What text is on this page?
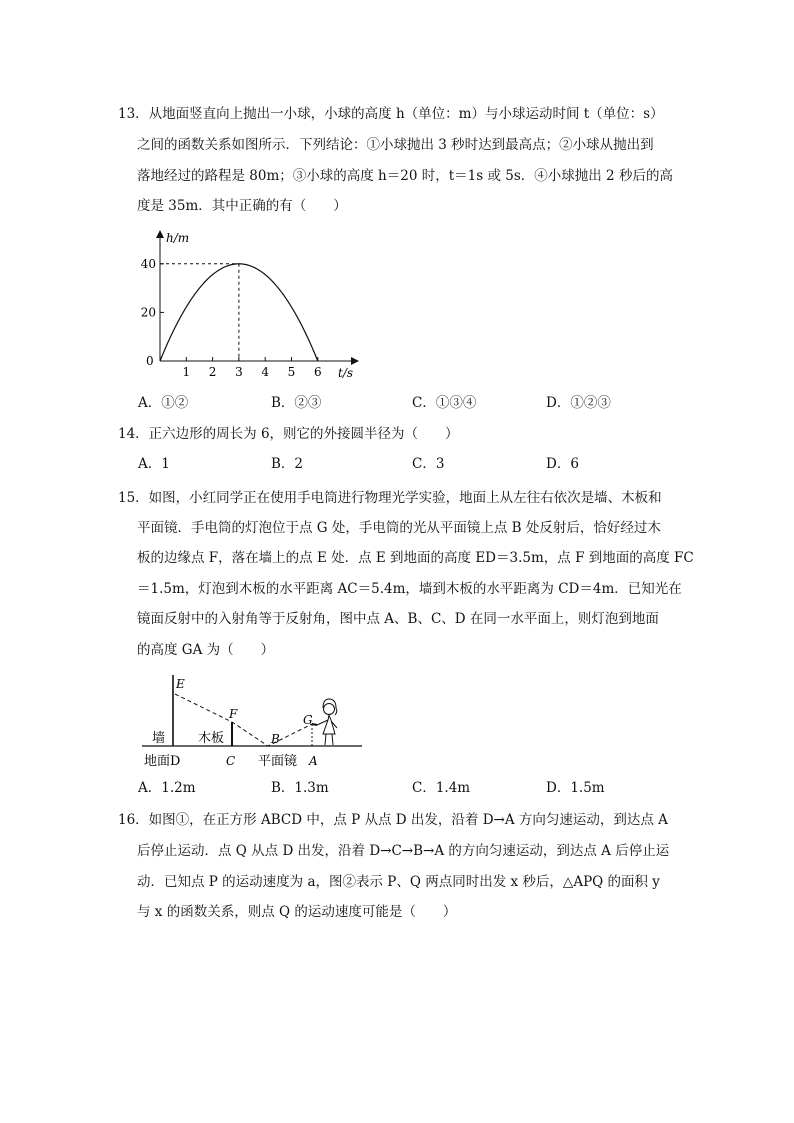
13．从地面竖直向上抛出一小球，小球的高度 h（单位：m）与小球运动时间 t（单位：s）
之间的函数关系如图所示．下列结论：①小球抛出 3 秒时达到最高点；②小球从抛出到
落地经过的路程是 80m；③小球的高度 h＝20 时，t＝1s 或 5s．④小球抛出 2 秒后的高
度是 35m．其中正确的有（　　）
1 2 3 4 5 6
20
40
h/m
t/s
0
A．①②	B．②③	C．①③④	D．①②③
14．正六边形的周长为 6，则它的外接圆半径为（　　）
A．1	B．2	C．3	D．6
15．如图，小红同学正在使用手电筒进行物理光学实验，地面上从左往右依次是墙、木板和
平面镜．手电筒的灯泡位于点 G 处，手电筒的光从平面镜上点 B 处反射后，恰好经过木
板的边缘点 F，落在墙上的点 E 处．点 E 到地面的高度 ED＝3.5m，点 F 到地面的高度 FC
＝1.5m，灯泡到木板的水平距离 AC＝5.4m，墙到木板的水平距离为 CD＝4m．已知光在
镜面反射中的入射角等于反射角，图中点 A、B、C、D 在同一水平面上，则灯泡到地面
的高度 GA 为（　　）
E
F	G
B
墙	木板
地面D	C 平面镜 A
A．1.2m	B．1.3m	C．1.4m	D．1.5m
16．如图①，在正方形 ABCD 中，点 P 从点 D 出发，沿着 D→A 方向匀速运动，到达点 A
后停止运动．点 Q 从点 D 出发，沿着 D→C→B→A 的方向匀速运动，到达点 A 后停止运
动．已知点 P 的运动速度为 a，图②表示 P、Q 两点同时出发 x 秒后，△APQ 的面积 y
与 x 的函数关系，则点 Q 的运动速度可能是（　　）
